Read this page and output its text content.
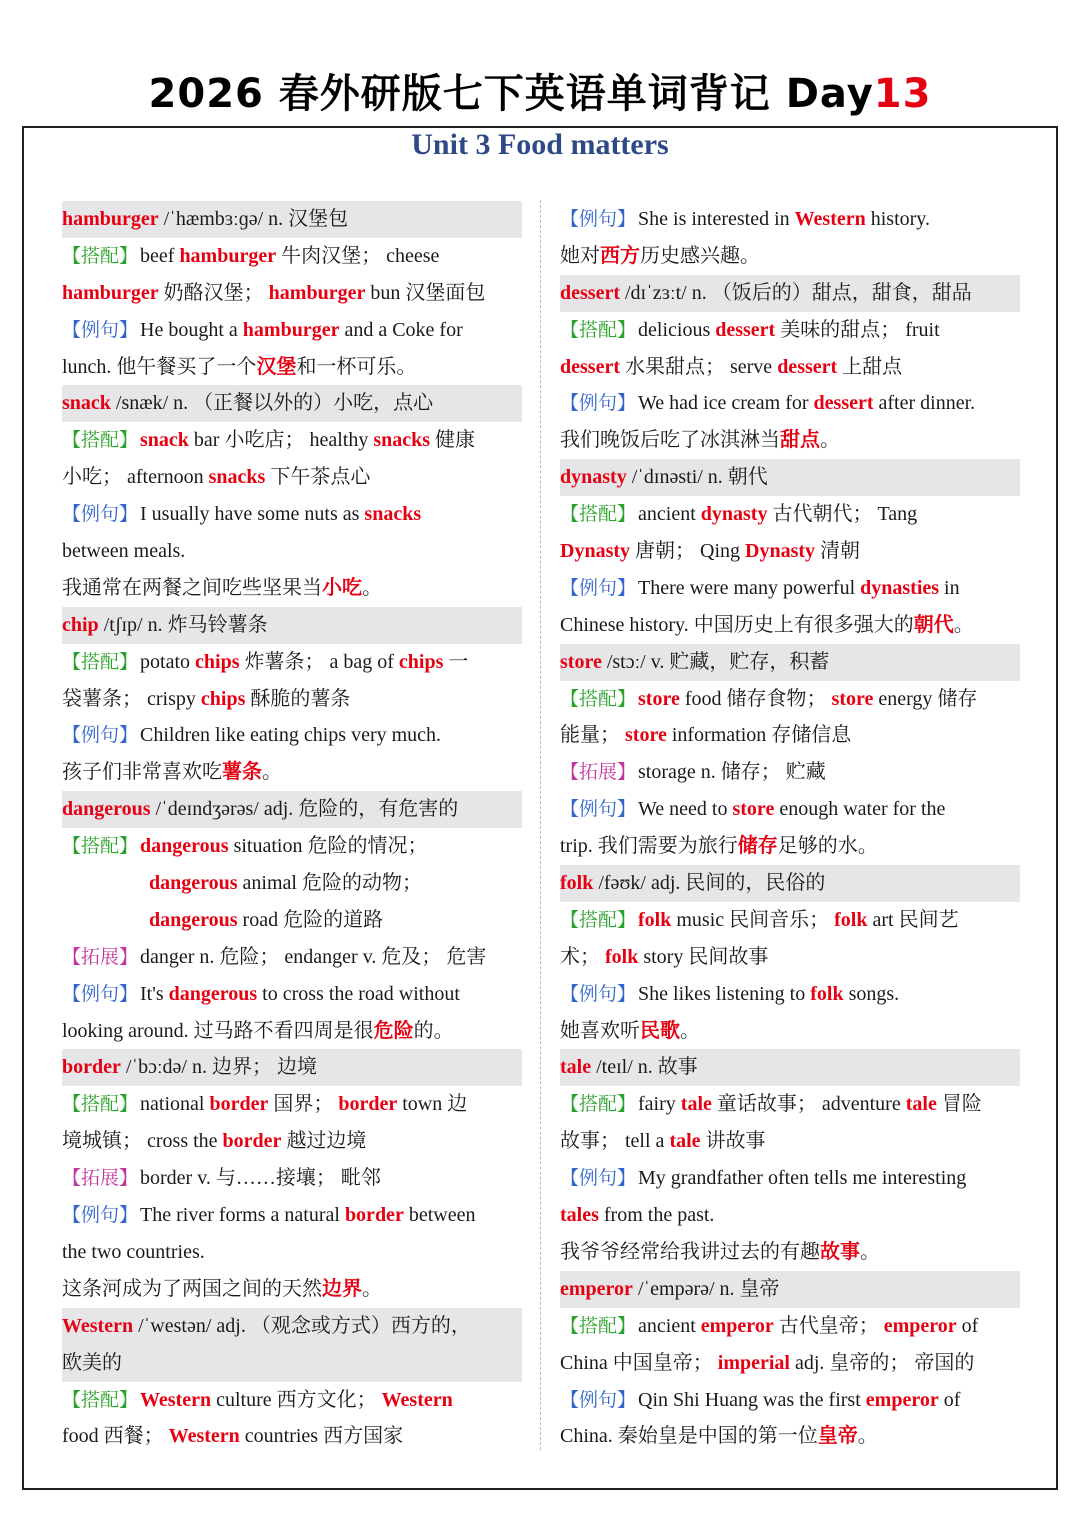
2026 春外研版七下英语单词背记 Day13
Unit 3 Food matters
hamburger /ˈhæmbɜːɡə/ n. 汉堡包
【搭配】 beef hamburger 牛肉汉堡； cheese
hamburger 奶酪汉堡； hamburger bun 汉堡面包
【例句】 He bought a hamburger and a Coke for
lunch. 他午餐买了一个汉堡和一杯可乐。
snack /snæk/ n. （正餐以外的）小吃，点心
【搭配】 snack bar 小吃店； healthy snacks 健康
小吃； afternoon snacks 下午茶点心
【例句】 I usually have some nuts as snacks
between meals.
我通常在两餐之间吃些坚果当小吃。
chip /tʃɪp/ n. 炸马铃薯条
【搭配】 potato chips 炸薯条； a bag of chips 一
袋薯条； crispy chips 酥脆的薯条
【例句】 Children like eating chips very much.
孩子们非常喜欢吃薯条。
dangerous /ˈdeɪndʒərəs/ adj. 危险的，有危害的
【搭配】 dangerous situation 危险的情况；
dangerous animal 危险的动物；
dangerous road 危险的道路
【拓展】 danger n. 危险； endanger v. 危及； 危害
【例句】 It's dangerous to cross the road without
looking around. 过马路不看四周是很危险的。
border /ˈbɔːdə/ n. 边界； 边境
【搭配】 national border 国界； border town 边
境城镇； cross the border 越过边境
【拓展】 border v. 与……接壤； 毗邻
【例句】 The river forms a natural border between
the two countries.
这条河成为了两国之间的天然边界。
Western /ˈwestən/ adj. （观念或方式）西方的，
欧美的
【搭配】 Western culture 西方文化； Western
food 西餐； Western countries 西方国家
【例句】 She is interested in Western history.
她对西方历史感兴趣。
dessert /dɪˈzɜːt/ n. （饭后的）甜点，甜食，甜品
【搭配】 delicious dessert 美味的甜点； fruit
dessert 水果甜点； serve dessert 上甜点
【例句】 We had ice cream for dessert after dinner.
我们晚饭后吃了冰淇淋当甜点。
dynasty /ˈdɪnəsti/ n. 朝代
【搭配】 ancient dynasty 古代朝代； Tang
Dynasty 唐朝； Qing Dynasty 清朝
【例句】 There were many powerful dynasties in
Chinese history. 中国历史上有很多强大的朝代。
store /stɔː/ v. 贮藏，贮存，积蓄
【搭配】 store food 储存食物； store energy 储存
能量； store information 存储信息
【拓展】 storage n. 储存； 贮藏
【例句】 We need to store enough water for the
trip. 我们需要为旅行储存足够的水。
folk /fəʊk/ adj. 民间的，民俗的
【搭配】 folk music 民间音乐； folk art 民间艺
术； folk story 民间故事
【例句】 She likes listening to folk songs.
她喜欢听民歌。
tale /teɪl/ n. 故事
【搭配】 fairy tale 童话故事； adventure tale 冒险
故事； tell a tale 讲故事
【例句】 My grandfather often tells me interesting
tales from the past.
我爷爷经常给我讲过去的有趣故事。
emperor /ˈempərə/ n. 皇帝
【搭配】 ancient emperor 古代皇帝； emperor of
China 中国皇帝； imperial adj. 皇帝的； 帝国的
【例句】 Qin Shi Huang was the first emperor of
China. 秦始皇是中国的第一位皇帝。
